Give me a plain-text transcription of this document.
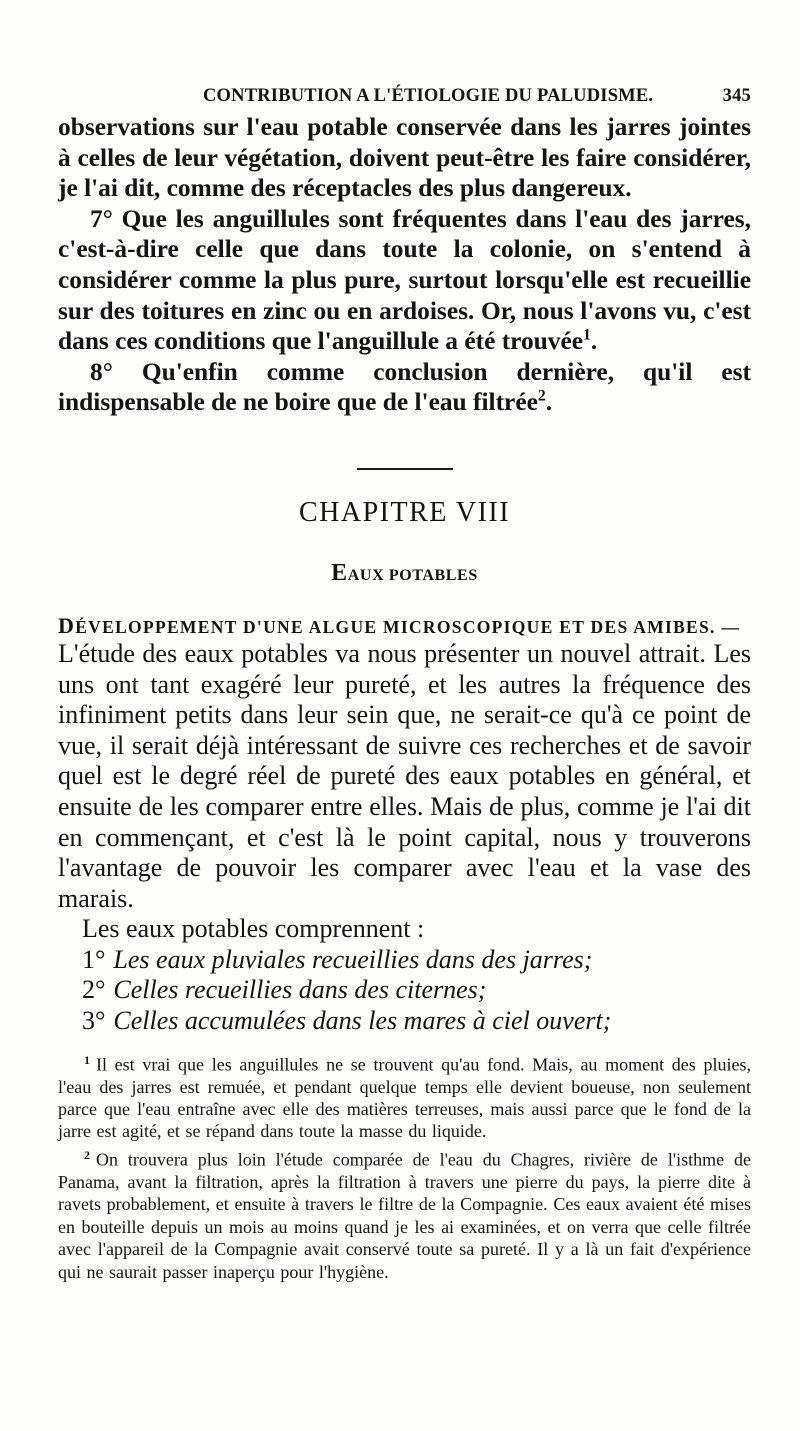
CONTRIBUTION A L'ÉTIOLOGIE DU PALUDISME.	345

observations sur l'eau potable conservée dans les jarres jointes à celles de leur végétation, doivent peut-être les faire considérer, je l'ai dit, comme des réceptacles des plus dangereux.

7° Que les anguillules sont fréquentes dans l'eau des jarres, c'est-à-dire celle que dans toute la colonie, on s'entend à considérer comme la plus pure, surtout lorsqu'elle est recueillie sur des toitures en zinc ou en ardoises. Or, nous l'avons vu, c'est dans ces conditions que l'anguillule a été trouvée$^1$.

8° Qu'enfin comme conclusion dernière, qu'il est indispensable de ne boire que de l'eau filtrée$^2$.

CHAPITRE VIII
EAUX POTABLES
DÉVELOPPEMENT D'UNE ALGUE MICROSCOPIQUE ET DES AMIBES. —

L'étude des eaux potables va nous présenter un nouvel attrait. Les uns ont tant exagéré leur pureté, et les autres la fréquence des infiniment petits dans leur sein que, ne serait-ce qu'à ce point de vue, il serait déjà intéressant de suivre ces recherches et de savoir quel est le degré réel de pureté des eaux potables en général, et ensuite de les comparer entre elles. Mais de plus, comme je l'ai dit en commençant, et c'est là le point capital, nous y trouverons l'avantage de pouvoir les comparer avec l'eau et la vase des marais.

Les eaux potables comprennent :

1° Les eaux pluviales recueillies dans des jarres;

2° Celles recueillies dans des citernes;

3° Celles accumulées dans les mares à ciel ouvert;

$^1$ Il est vrai que les anguillules ne se trouvent qu'au fond. Mais, au moment des pluies, l'eau des jarres est remuée, et pendant quelque temps elle devient boueuse, non seulement parce que l'eau entraîne avec elle des matières terreuses, mais aussi parce que le fond de la jarre est agité, et se répand dans toute la masse du liquide.

$^2$ On trouvera plus loin l'étude comparée de l'eau du Chagres, rivière de l'isthme de Panama, avant la filtration, après la filtration à travers une pierre du pays, la pierre dite à ravets probablement, et ensuite à travers le filtre de la Compagnie. Ces eaux avaient été mises en bouteille depuis un mois au moins quand je les ai examinées, et on verra que celle filtrée avec l'appareil de la Compagnie avait conservé toute sa pureté. Il y a là un fait d'expérience qui ne saurait passer inaperçu pour l'hygiène.
